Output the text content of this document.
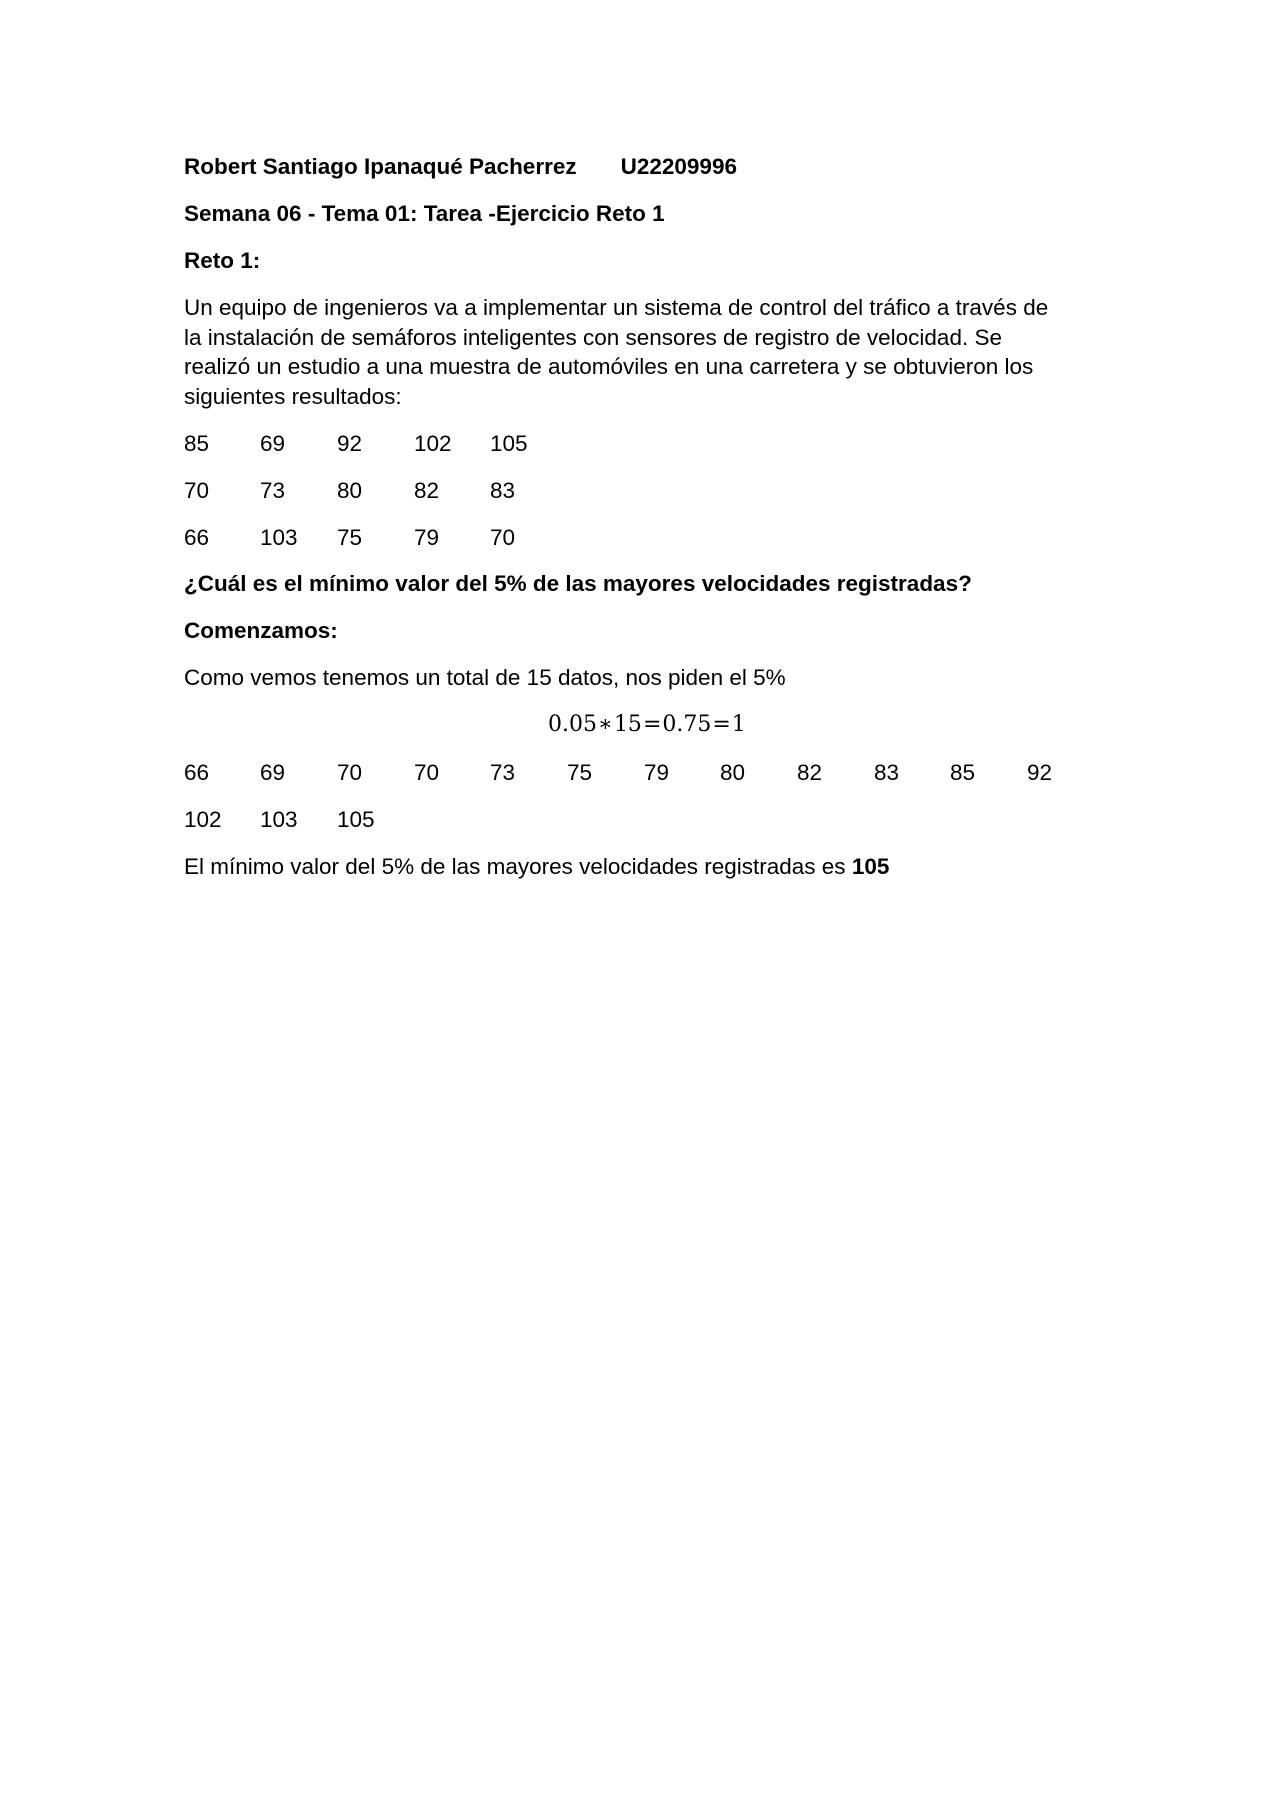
Robert Santiago Ipanaqué Pacherrez U22209996
Semana 06 - Tema 01: Tarea -Ejercicio Reto 1
Reto 1:
Un equipo de ingenieros va a implementar un sistema de control del tráfico a través de
la instalación de semáforos inteligentes con sensores de registro de velocidad. Se
realizó un estudio a una muestra de automóviles en una carretera y se obtuvieron los
siguientes resultados:
85 69 92 102 105
70 73 80 82 83
66 103 75 79 70
¿Cuál es el mínimo valor del 5% de las mayores velocidades registradas?
Comenzamos:
Como vemos tenemos un total de 15 datos, nos piden el 5%
0.05∗15=0.75=1
66 69 70 70 73 75 79 80 82 83 85 92
102 103 105
El mínimo valor del 5% de las mayores velocidades registradas es 105
